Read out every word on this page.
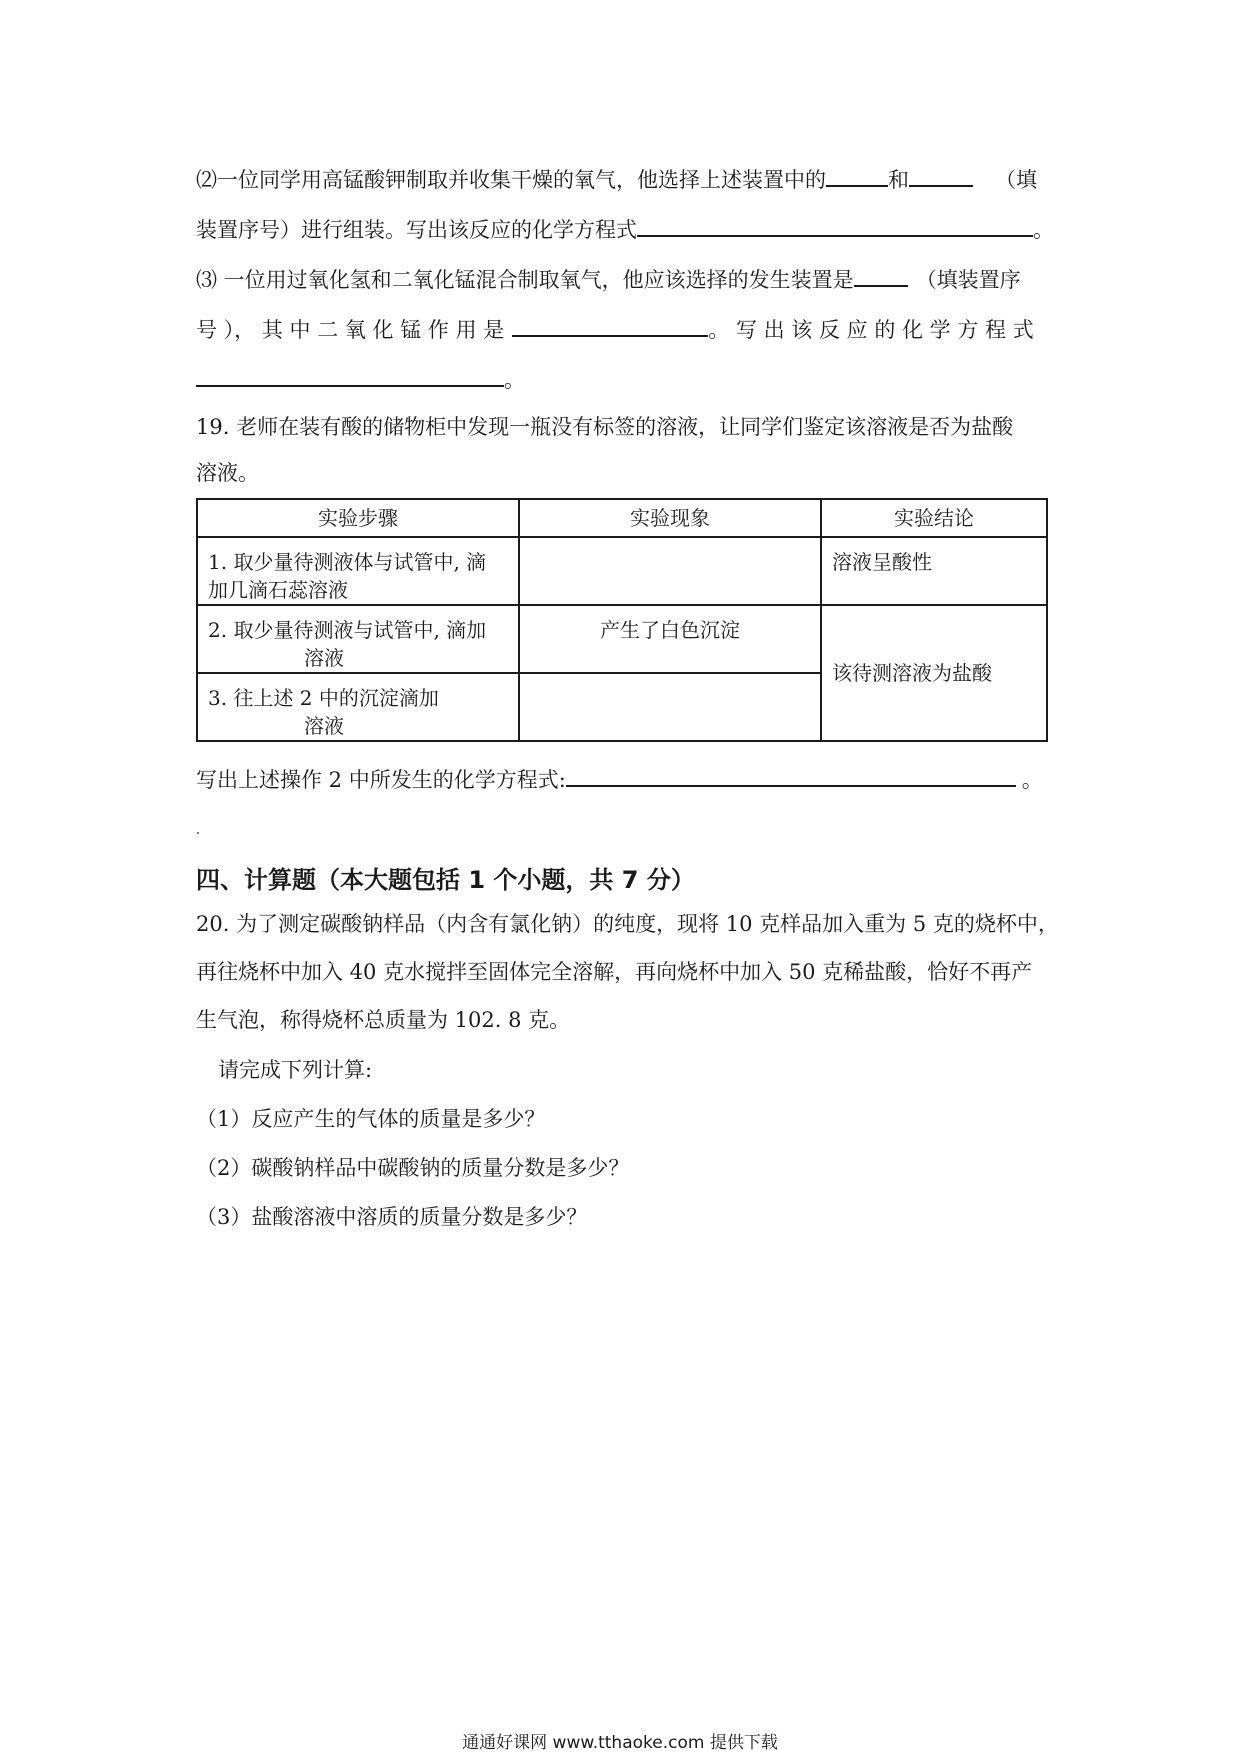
⑵一位同学用高锰酸钾制取并收集干燥的氧气，他选择上述装置中的	和	（填
装置序号）进行组装。写出该反应的化学方程式	。
⑶ 一位用过氧化氢和二氧化锰混合制取氧气，他应该选择的发生装置是	（填装置序
号 ）， 其 中 二 氧 化 锰 作 用 是	。 写 出 该 反 应 的 化 学 方 程 式
。
19. 老师在装有酸的储物柜中发现一瓶没有标签的溶液，让同学们鉴定该溶液是否为盐酸
溶液。
实验步骤	实验现象	实验结论

1. 取少量待测液体与试管中, 滴
加几滴石蕊溶液		溶液呈酸性

2. 取少量待测液与试管中, 滴加
溶液	产生了白色沉淀	该待测溶液为盐酸

3. 往上述 2 中的沉淀滴加
溶液		

写出上述操作 2 中所发生的化学方程式:	。
四、计算题（本大题包括 1 个小题，共 7 分）
20. 为了测定碳酸钠样品（内含有氯化钠）的纯度，现将 10 克样品加入重为 5 克的烧杯中，
再往烧杯中加入 40 克水搅拌至固体完全溶解，再向烧杯中加入 50 克稀盐酸，恰好不再产
生气泡，称得烧杯总质量为 102. 8 克。
请完成下列计算:
（1）反应产生的气体的质量是多少？
（2）碳酸钠样品中碳酸钠的质量分数是多少？
（3）盐酸溶液中溶质的质量分数是多少？
通通好课网 www.tthaoke.com 提供下载
